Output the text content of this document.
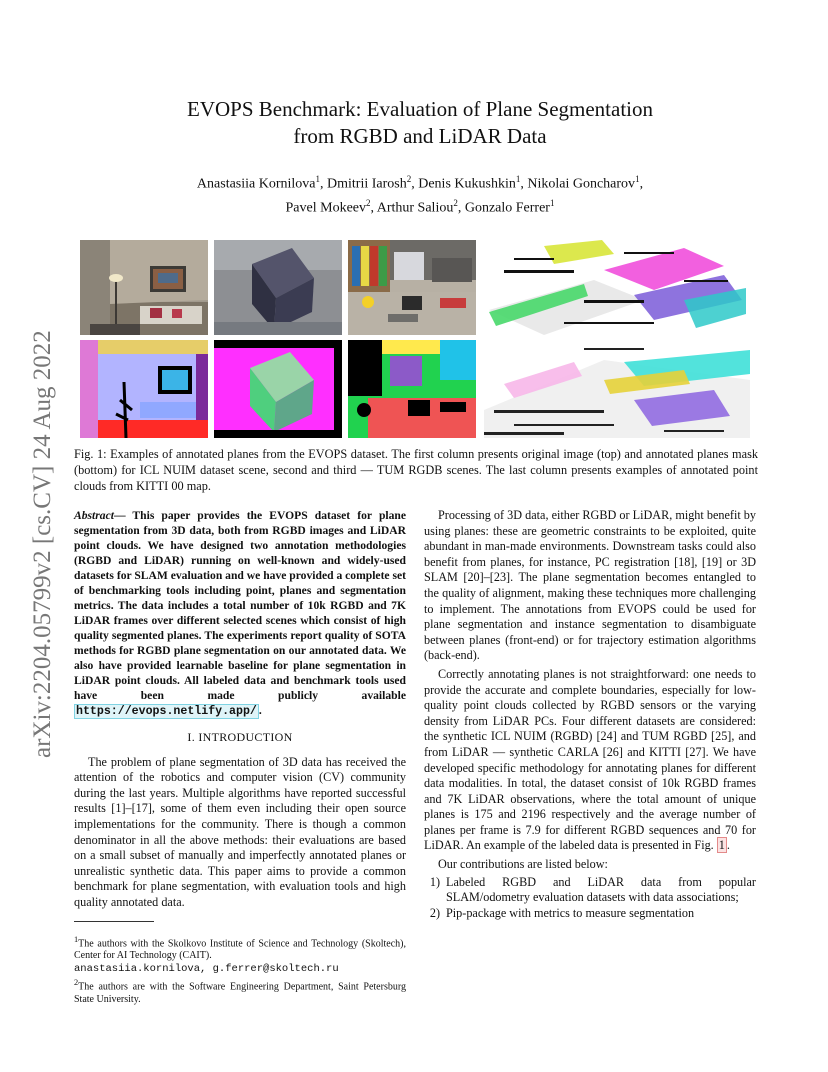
arXiv:2204.05799v2 [cs.CV] 24 Aug 2022
EVOPS Benchmark: Evaluation of Plane Segmentation
from RGBD and LiDAR Data
Anastasiia Kornilova$^1$, Dmitrii Iarosh$^2$, Denis Kukushkin$^1$, Nikolai Goncharov$^1$,
Pavel Mokeev$^2$, Arthur Saliou$^2$, Gonzalo Ferrer$^1$
Fig. 1: Examples of annotated planes from the EVOPS dataset. The first column presents original image (top) and annotated planes mask (bottom) for ICL NUIM dataset scene, second and third — TUM RGDB scenes. The last column presents examples of annotated point clouds from KITTI 00 map.

Abstract— This paper provides the EVOPS dataset for plane segmentation from 3D data, both from RGBD images and LiDAR point clouds. We have designed two annotation methodologies (RGBD and LiDAR) running on well-known and widely-used datasets for SLAM evaluation and we have provided a complete set of benchmarking tools including point, planes and segmentation metrics. The data includes a total number of 10k RGBD and 7K LiDAR frames over different selected scenes which consist of high quality segmented planes. The experiments report quality of SOTA methods for RGBD plane segmentation on our annotated data. We also have provided learnable baseline for plane segmentation in LiDAR point clouds. All labeled data and benchmark tools used have been made publicly available https://evops.netlify.app/ .

I. INTRODUCTION

The problem of plane segmentation of 3D data has received the attention of the robotics and computer vision (CV) community during the last years. Multiple algorithms have reported successful results [1]–[17], some of them even including their open source implementations for the community. There is though a common denominator in all the above methods: their evaluations are based on a small subset of manually and imperfectly annotated planes or unrealistic synthetic data. This paper aims to provide a common benchmark for plane segmentation, with evaluation tools and high quality annotated data.

$^1$The authors with the Skolkovo Institute of Science and Technology (Skoltech), Center for AI Technology (CAIT).
anastasiia.kornilova, g.ferrer@skoltech.ru
$^2$The authors are with the Software Engineering Department, Saint Petersburg State University.

Processing of 3D data, either RGBD or LiDAR, might benefit by using planes: these are geometric constraints to be exploited, quite abundant in man-made environments. Downstream tasks could also benefit from planes, for instance, PC registration [18], [19] or 3D SLAM [20]–[23]. The plane segmentation becomes entangled to the quality of alignment, making these techniques more challenging to implement. The annotations from EVOPS could be used for plane segmentation and instance segmentation to disambiguate between planes (front-end) or for trajectory estimation algorithms (back-end).

Correctly annotating planes is not straightforward: one needs to provide the accurate and complete boundaries, especially for low-quality point clouds collected by RGBD sensors or the varying density from LiDAR PCs. Four different datasets are considered: the synthetic ICL NUIM (RGBD) [24] and TUM RGBD [25], and from LiDAR — synthetic CARLA [26] and KITTI [27]. We have developed specific methodology for annotating planes for different data modalities. In total, the dataset consist of 10k RGBD frames and 7K LiDAR observations, where the total amount of unique planes is 175 and 2196 respectively and the average number of planes per frame is 7.9 for different RGBD sequences and 70 for LiDAR. An example of the labeled data is presented in Fig. 1 .

Our contributions are listed below:

1) Labeled RGBD and LiDAR data from popular SLAM/odometry evaluation datasets with data associations;
2) Pip-package with metrics to measure segmentation
